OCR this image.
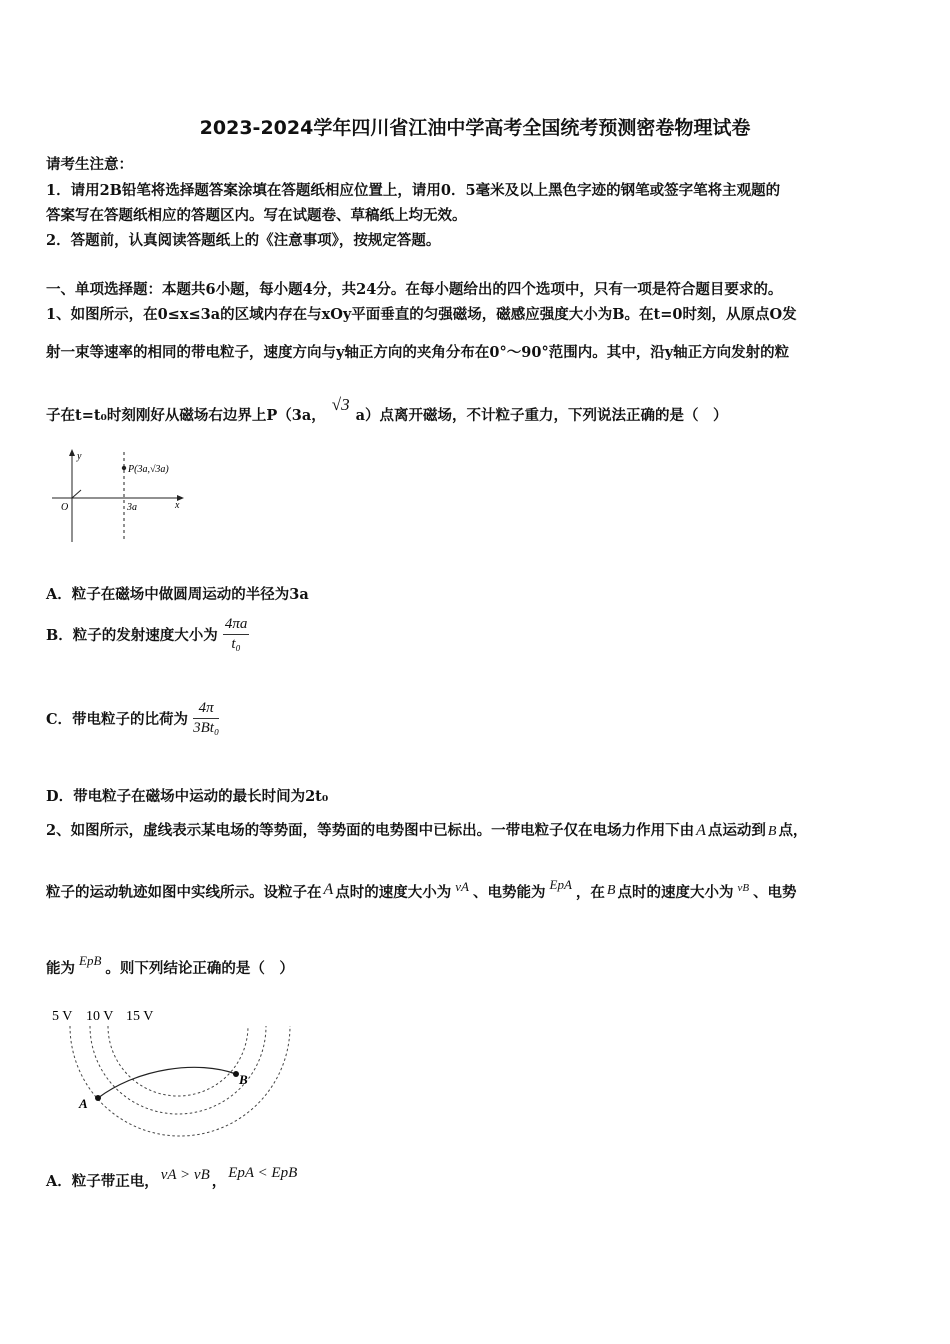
2023-2024学年四川省江油中学高考全国统考预测密卷物理试卷
请考生注意：
1．请用2B铅笔将选择题答案涂填在答题纸相应位置上，请用0．5毫米及以上黑色字迹的钢笔或签字笔将主观题的
答案写在答题纸相应的答题区内。写在试题卷、草稿纸上均无效。
2．答题前，认真阅读答题纸上的《注意事项》，按规定答题。
一、单项选择题：本题共6小题，每小题4分，共24分。在每小题给出的四个选项中，只有一项是符合题目要求的。
1、如图所示，在0≤x≤3a的区域内存在与xOy平面垂直的匀强磁场，磁感应强度大小为B。在t=0时刻，从原点O发
射一束等速率的相同的带电粒子，速度方向与y轴正方向的夹角分布在0°～90°范围内。其中，沿y轴正方向发射的粒
子在t=t₀时刻刚好从磁场右边界上P（3a，√3a）点离开磁场，不计粒子重力，下列说法正确的是（　）
y
P(3a,√3a)
O	3a	x
A．粒子在磁场中做圆周运动的半径为3a
B．粒子的发射速度大小为 $\frac{4\pi a}{\text{t₀}}$
C．带电粒子的比荷为 $\frac{4\pi}{\text{3Bt₀}}$
D．带电粒子在磁场中运动的最长时间为2t₀
2、如图所示，虚线表示某电场的等势面，等势面的电势图中已标出。一带电粒子仅在电场力作用下由 A 点运动到 B 点，
粒子的运动轨迹如图中实线所示。设粒子在 A 点时的速度大小为 vA 、电势能为 EpA ，在 B 点时的速度大小为 $^{vB}$ 、电势
能为 EpB 。则下列结论正确的是（　）
5 V 10 V 15 V
A
B
A．粒子带正电， vA > vB ， EpA < EpB
